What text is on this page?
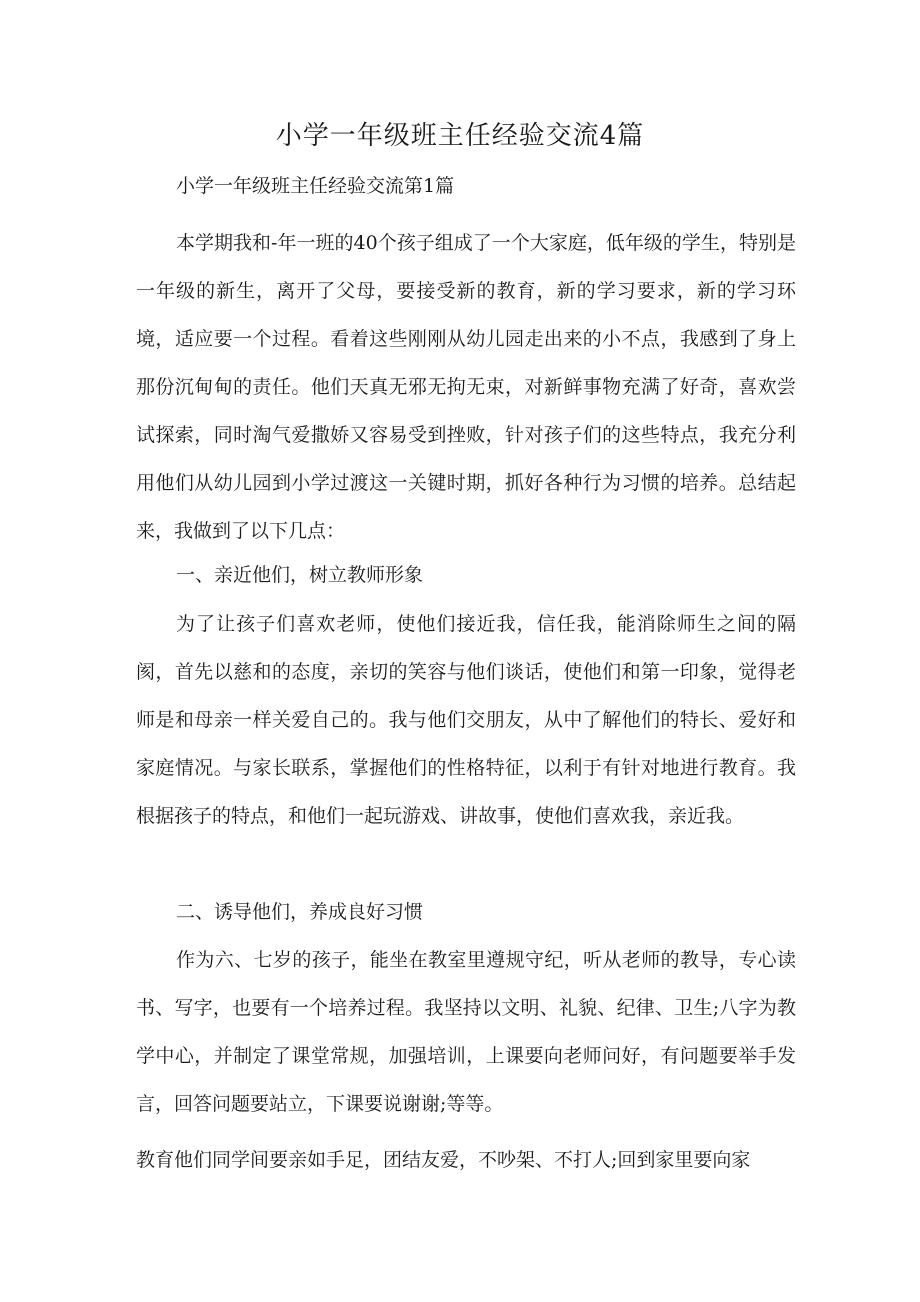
小学一年级班主任经验交流4篇
小学一年级班主任经验交流第1篇

本学期我和-年一班的40个孩子组成了一个大家庭，低年级的学生，特别是一年级的新生，离开了父母，要接受新的教育，新的学习要求，新的学习环境，适应要一个过程。看着这些刚刚从幼儿园走出来的小不点，我感到了身上那份沉甸甸的责任。他们天真无邪无拘无束，对新鲜事物充满了好奇，喜欢尝试探索，同时淘气爱撒娇又容易受到挫败，针对孩子们的这些特点，我充分利用他们从幼儿园到小学过渡这一关键时期，抓好各种行为习惯的培养。总结起来，我做到了以下几点：

一、亲近他们，树立教师形象

为了让孩子们喜欢老师，使他们接近我，信任我，能消除师生之间的隔阂，首先以慈和的态度，亲切的笑容与他们谈话，使他们和第一印象，觉得老师是和母亲一样关爱自己的。我与他们交朋友，从中了解他们的特长、爱好和家庭情况。与家长联系，掌握他们的性格特征，以利于有针对地进行教育。我根据孩子的特点，和他们一起玩游戏、讲故事，使他们喜欢我，亲近我。

二、诱导他们，养成良好习惯

作为六、七岁的孩子，能坐在教室里遵规守纪，听从老师的教导，专心读书、写字，也要有一个培养过程。我坚持以文明、礼貌、纪律、卫生;八字为教学中心，并制定了课堂常规，加强培训，上课要向老师问好，有问题要举手发言，回答问题要站立，下课要说谢谢;等等。

教育他们同学间要亲如手足，团结友爱，不吵架、不打人;回到家里要向家
